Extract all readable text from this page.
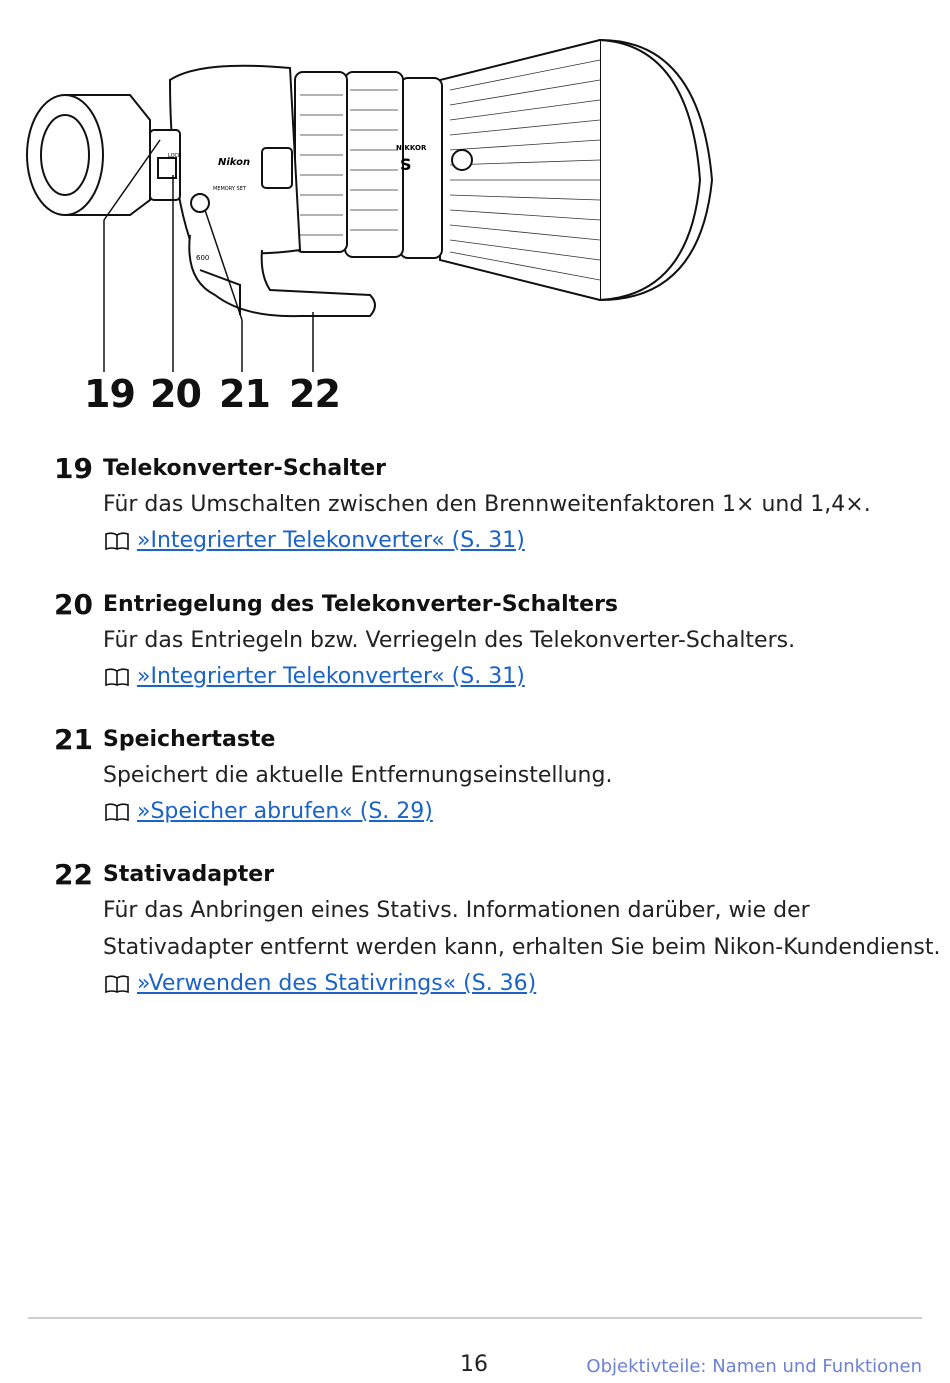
Nikon
NIKKOR
S
600
MEMORY SET
LOCK
19 20 21 22
19 Telekonverter-Schalter
Für das Umschalten zwischen den Brennweitenfaktoren 1× und 1,4×.
»Integrierter Telekonverter« (S. 31)
20 Entriegelung des Telekonverter-Schalters
Für das Entriegeln bzw. Verriegeln des Telekonverter-Schalters.
»Integrierter Telekonverter« (S. 31)
21 Speichertaste
Speichert die aktuelle Entfernungseinstellung.
»Speicher abrufen« (S. 29)
22 Stativadapter
Für das Anbringen eines Stativs. Informationen darüber, wie der
Stativadapter entfernt werden kann, erhalten Sie beim Nikon-Kundendienst.
»Verwenden des Stativrings« (S. 36)
16	Objektivteile: Namen und Funktionen
